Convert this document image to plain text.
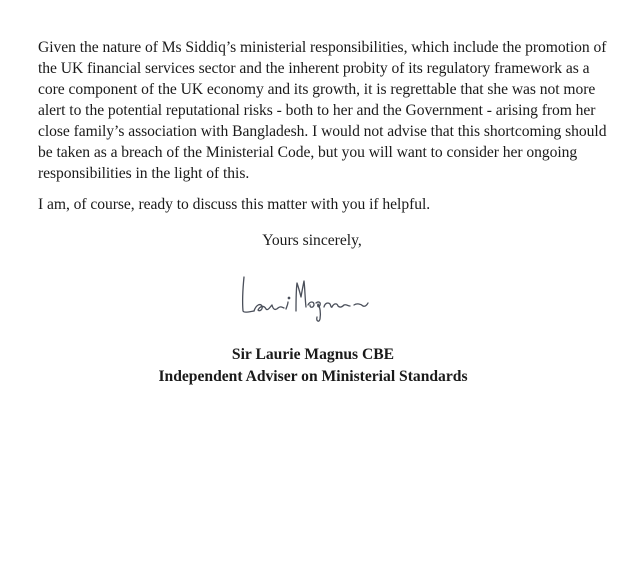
Given the nature of Ms Siddiq’s ministerial responsibilities, which include the promotion of
the UK financial services sector and the inherent probity of its regulatory framework as a
core component of the UK economy and its growth, it is regrettable that she was not more
alert to the potential reputational risks - both to her and the Government - arising from her
close family’s association with Bangladesh. I would not advise that this shortcoming should
be taken as a breach of the Ministerial Code, but you will want to consider her ongoing
responsibilities in the light of this.
I am, of course, ready to discuss this matter with you if helpful.
Yours sincerely,
Sir Laurie Magnus CBE
Independent Adviser on Ministerial Standards
